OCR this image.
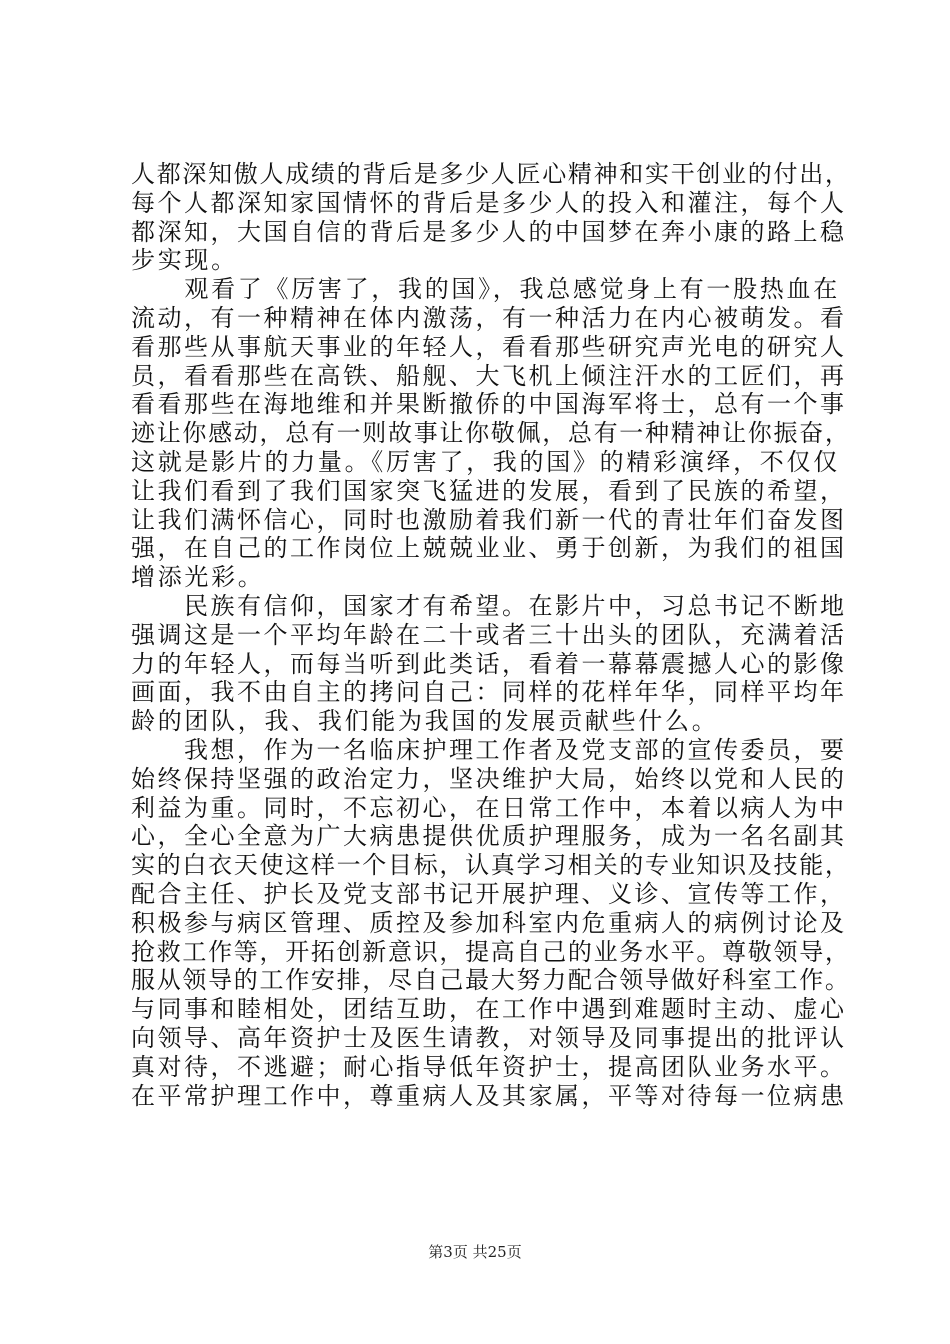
人都深知傲人成绩的背后是多少人匠心精神和实干创业的付出，
每个人都深知家国情怀的背后是多少人的投入和灌注，每个人
都深知，大国自信的背后是多少人的中国梦在奔小康的路上稳
步实现。
　　观看了《厉害了，我的国》，我总感觉身上有一股热血在
流动，有一种精神在体内激荡，有一种活力在内心被萌发。看
看那些从事航天事业的年轻人，看看那些研究声光电的研究人
员，看看那些在高铁、船舰、大飞机上倾注汗水的工匠们，再
看看那些在海地维和并果断撤侨的中国海军将士，总有一个事
迹让你感动，总有一则故事让你敬佩，总有一种精神让你振奋，
这就是影片的力量。《厉害了，我的国》的精彩演绎，不仅仅
让我们看到了我们国家突飞猛进的发展，看到了民族的希望，
让我们满怀信心，同时也激励着我们新一代的青壮年们奋发图
强，在自己的工作岗位上兢兢业业、勇于创新，为我们的祖国
增添光彩。
　　民族有信仰，国家才有希望。在影片中，习总书记不断地
强调这是一个平均年龄在二十或者三十出头的团队，充满着活
力的年轻人，而每当听到此类话，看着一幕幕震撼人心的影像
画面，我不由自主的拷问自己：同样的花样年华，同样平均年
龄的团队，我、我们能为我国的发展贡献些什么。
　　我想，作为一名临床护理工作者及党支部的宣传委员，要
始终保持坚强的政治定力，坚决维护大局，始终以党和人民的
利益为重。同时，不忘初心，在日常工作中，本着以病人为中
心，全心全意为广大病患提供优质护理服务，成为一名名副其
实的白衣天使这样一个目标，认真学习相关的专业知识及技能，
配合主任、护长及党支部书记开展护理、义诊、宣传等工作，
积极参与病区管理、质控及参加科室内危重病人的病例讨论及
抢救工作等，开拓创新意识，提高自己的业务水平。尊敬领导，
服从领导的工作安排，尽自己最大努力配合领导做好科室工作。
与同事和睦相处，团结互助，在工作中遇到难题时主动、虚心
向领导、高年资护士及医生请教，对领导及同事提出的批评认
真对待，不逃避；耐心指导低年资护士，提高团队业务水平。
在平常护理工作中，尊重病人及其家属，平等对待每一位病患
第3页 共25页
